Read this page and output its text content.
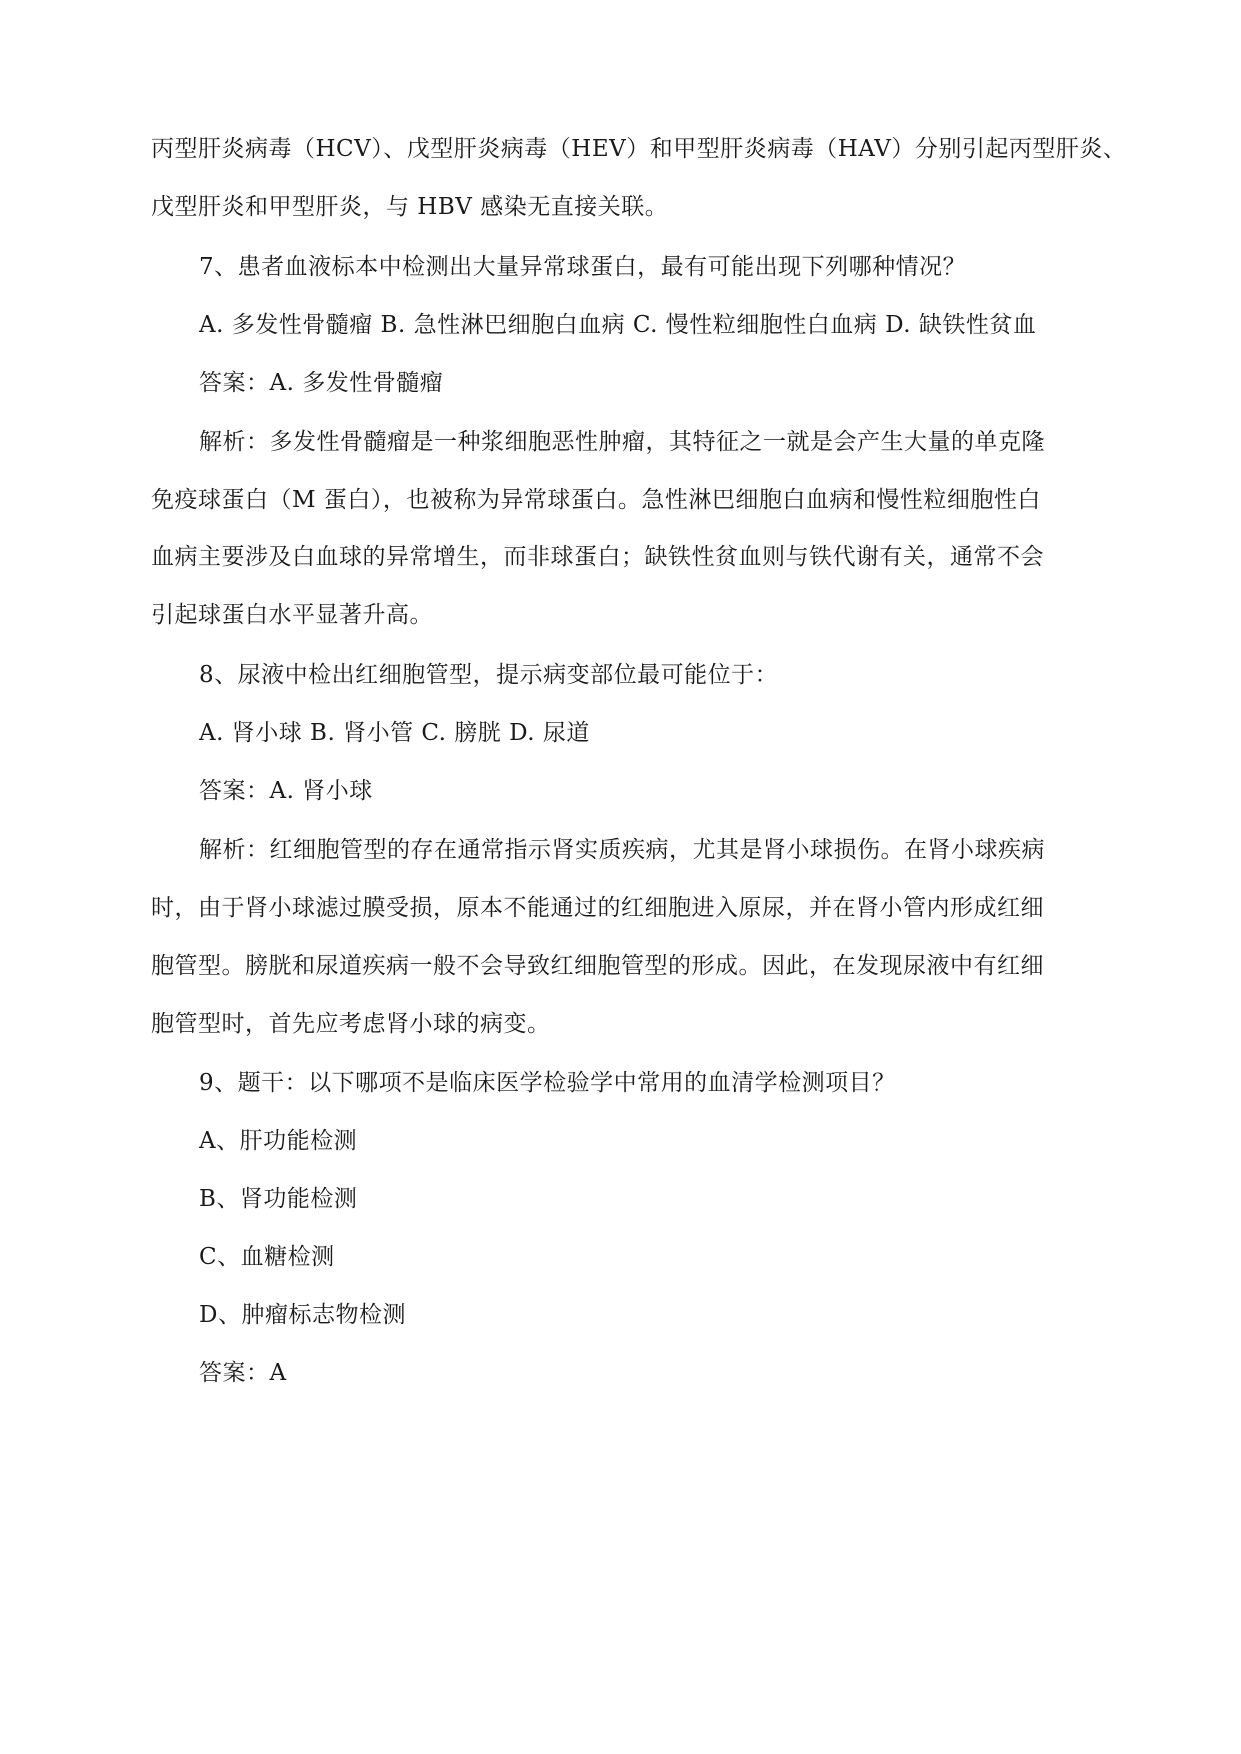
丙型肝炎病毒（HCV）、戊型肝炎病毒（HEV）和甲型肝炎病毒（HAV）分别引起丙型肝炎、
戊型肝炎和甲型肝炎，与 HBV 感染无直接关联。
7、患者血液标本中检测出大量异常球蛋白，最有可能出现下列哪种情况？
A. 多发性骨髓瘤 B. 急性淋巴细胞白血病 C. 慢性粒细胞性白血病 D. 缺铁性贫血
答案：A. 多发性骨髓瘤
解析：多发性骨髓瘤是一种浆细胞恶性肿瘤，其特征之一就是会产生大量的单克隆
免疫球蛋白（M 蛋白），也被称为异常球蛋白。急性淋巴细胞白血病和慢性粒细胞性白
血病主要涉及白血球的异常增生，而非球蛋白；缺铁性贫血则与铁代谢有关，通常不会
引起球蛋白水平显著升高。
8、尿液中检出红细胞管型，提示病变部位最可能位于：
A. 肾小球 B. 肾小管 C. 膀胱 D. 尿道
答案：A. 肾小球
解析：红细胞管型的存在通常指示肾实质疾病，尤其是肾小球损伤。在肾小球疾病
时，由于肾小球滤过膜受损，原本不能通过的红细胞进入原尿，并在肾小管内形成红细
胞管型。膀胱和尿道疾病一般不会导致红细胞管型的形成。因此，在发现尿液中有红细
胞管型时，首先应考虑肾小球的病变。
9、题干：以下哪项不是临床医学检验学中常用的血清学检测项目？
A、肝功能检测
B、肾功能检测
C、血糖检测
D、肿瘤标志物检测
答案：A
